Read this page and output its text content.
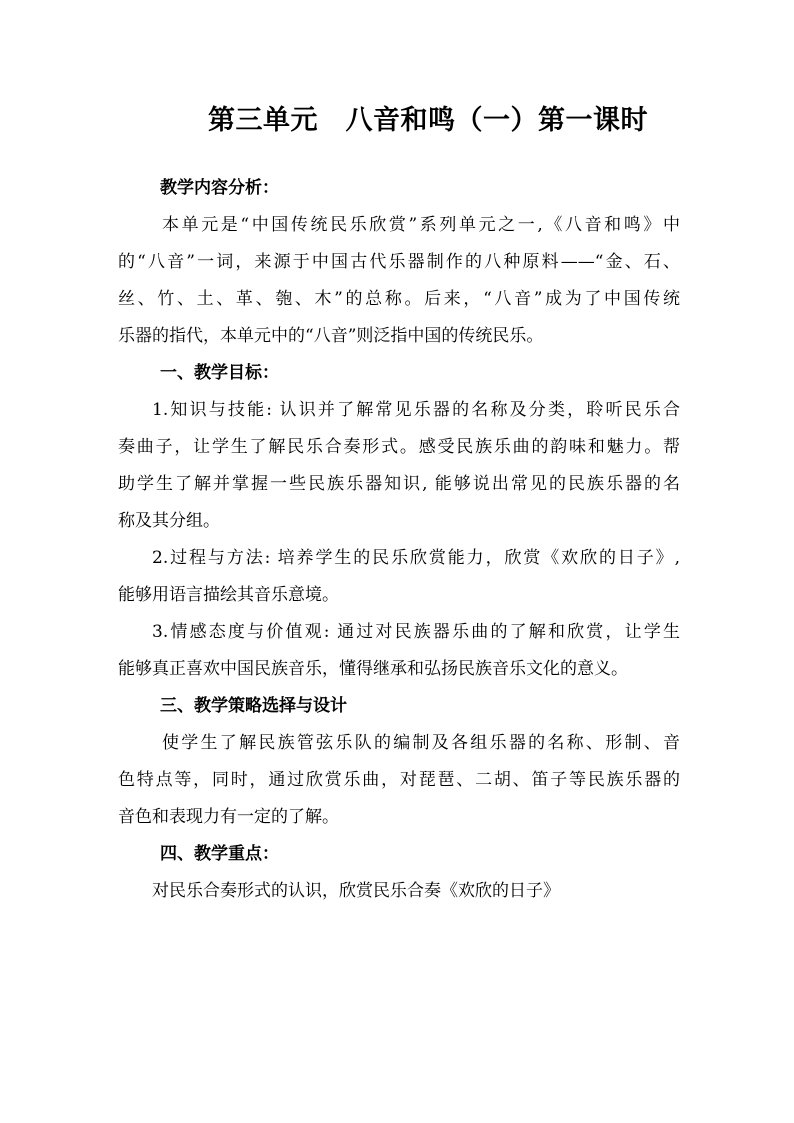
第三单元　八音和鸣（一）第一课时
教学内容分析：
本单元是“中国传统民乐欣赏”系列单元之一,《八音和鸣》中
的“八音”一词，来源于中国古代乐器制作的八种原料——“金、石、
丝、竹、土、革、匏、木”的总称。后来，“八音”成为了中国传统
乐器的指代，本单元中的“八音”则泛指中国的传统民乐。
一、教学目标：
1.知识与技能: 认识并了解常见乐器的名称及分类，聆听民乐合
奏曲子，让学生了解民乐合奏形式。感受民族乐曲的韵味和魅力。帮
助学生了解并掌握一些民族乐器知识, 能够说出常见的民族乐器的名
称及其分组。
2.过程与方法: 培养学生的民乐欣赏能力，欣赏《欢欣的日子》,
能够用语言描绘其音乐意境。
3.情感态度与价值观: 通过对民族器乐曲的了解和欣赏，让学生
能够真正喜欢中国民族音乐，懂得继承和弘扬民族音乐文化的意义。
三、教学策略选择与设计
使学生了解民族管弦乐队的编制及各组乐器的名称、形制、音
色特点等，同时，通过欣赏乐曲，对琵琶、二胡、笛子等民族乐器的
音色和表现力有一定的了解。
四、教学重点：
对民乐合奏形式的认识，欣赏民乐合奏《欢欣的日子》
